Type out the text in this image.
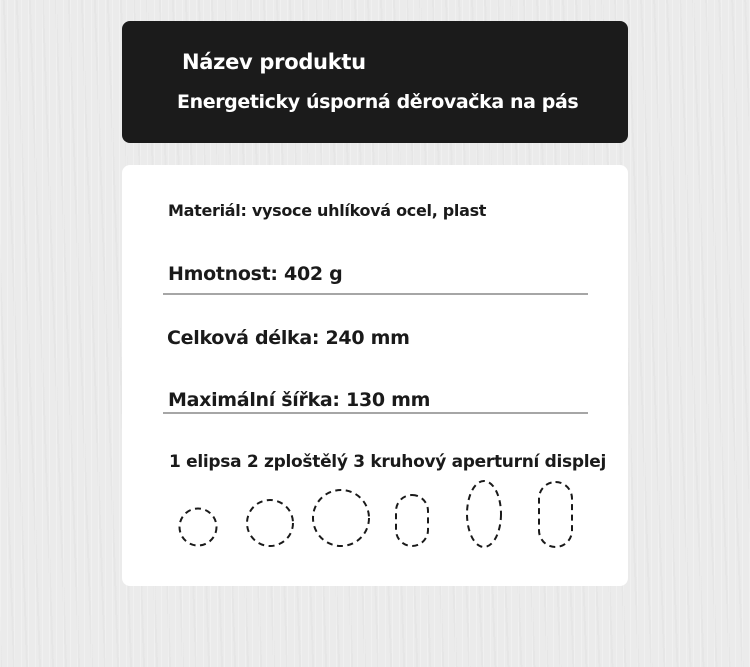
Název produktu
Energeticky úsporná děrovačka na pás
Materiál: vysoce uhlíková ocel, plast
Hmotnost: 402 g
Celková délka: 240 mm
Maximální šířka: 130 mm
1 elipsa 2 zploštělý 3 kruhový aperturní displej
